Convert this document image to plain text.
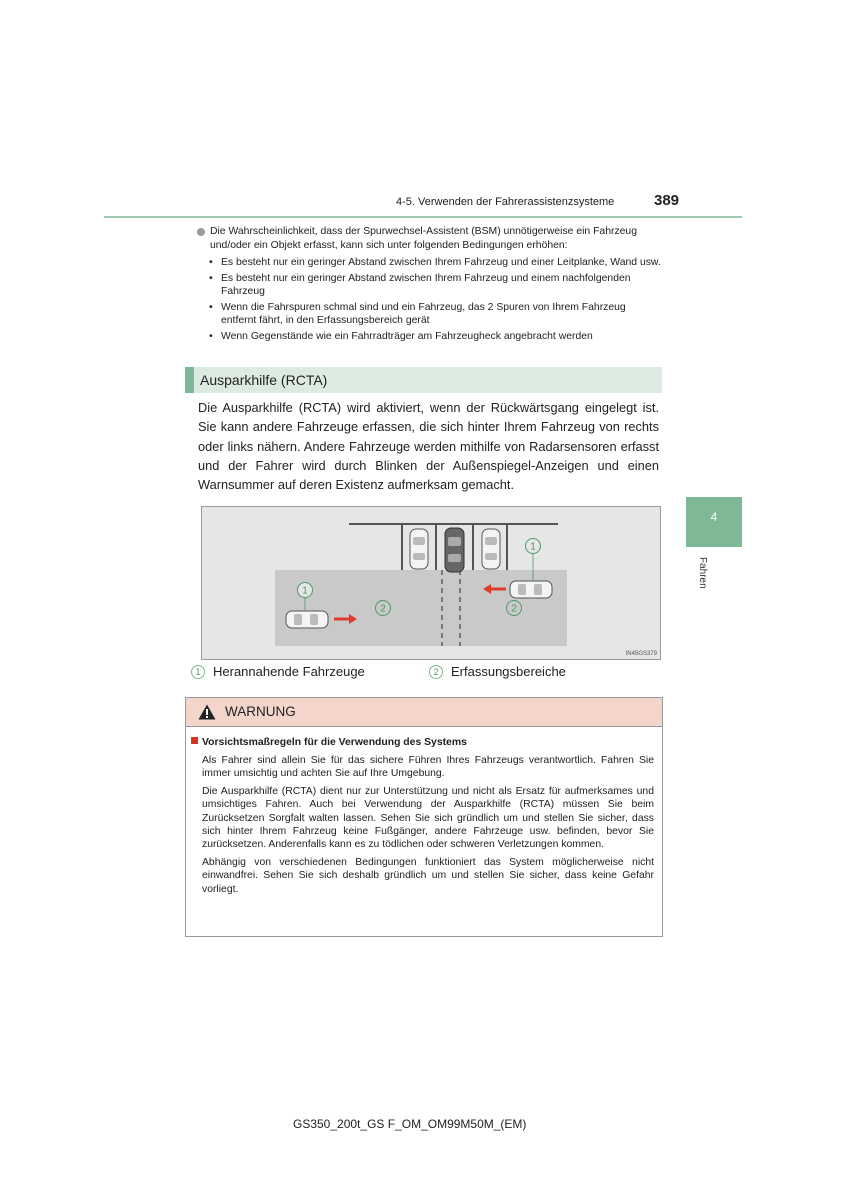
4-5. Verwenden der Fahrerassistenzsysteme	389
4
Fahren
Die Wahrscheinlichkeit, dass der Spurwechsel-Assistent (BSM) unnötigerweise ein Fahrzeug und/oder ein Objekt erfasst, kann sich unter folgenden Bedingungen erhöhen:
• Es besteht nur ein geringer Abstand zwischen Ihrem Fahrzeug und einer Leitplanke, Wand usw.
• Es besteht nur ein geringer Abstand zwischen Ihrem Fahrzeug und einem nachfolgenden Fahrzeug
• Wenn die Fahrspuren schmal sind und ein Fahrzeug, das 2 Spuren von Ihrem Fahrzeug entfernt fährt, in den Erfassungsbereich gerät
• Wenn Gegenstände wie ein Fahrradträger am Fahrzeugheck angebracht werden
Ausparkhilfe (RCTA)
Die Ausparkhilfe (RCTA) wird aktiviert, wenn der Rückwärtsgang eingelegt ist. Sie kann andere Fahrzeuge erfassen, die sich hinter Ihrem Fahrzeug von rechts oder links nähern. Andere Fahrzeuge werden mithilfe von Radarsensoren erfasst und der Fahrer wird durch Blinken der Außenspiegel-Anzeigen und einen Warnsummer auf deren Existenz aufmerksam gemacht.
1
1
2	2
IN45GS379
1 Herannahende Fahrzeuge	2 Erfassungsbereiche
WARNUNG
Vorsichtsmaßregeln für die Verwendung des Systems

Als Fahrer sind allein Sie für das sichere Führen Ihres Fahrzeugs verantwortlich. Fahren Sie immer umsichtig und achten Sie auf Ihre Umgebung.

Die Ausparkhilfe (RCTA) dient nur zur Unterstützung und nicht als Ersatz für aufmerksames und umsichtiges Fahren. Auch bei Verwendung der Ausparkhilfe (RCTA) müssen Sie beim Zurücksetzen Sorgfalt walten lassen. Sehen Sie sich gründlich um und stellen Sie sicher, dass sich hinter Ihrem Fahrzeug keine Fußgänger, andere Fahrzeuge usw. befinden, bevor Sie zurücksetzen. Anderenfalls kann es zu tödlichen oder schweren Verletzungen kommen.

Abhängig von verschiedenen Bedingungen funktioniert das System möglicherweise nicht einwandfrei. Sehen Sie sich deshalb gründlich um und stellen Sie sicher, dass keine Gefahr vorliegt.

GS350_200t_GS F_OM_OM99M50M_(EM)
